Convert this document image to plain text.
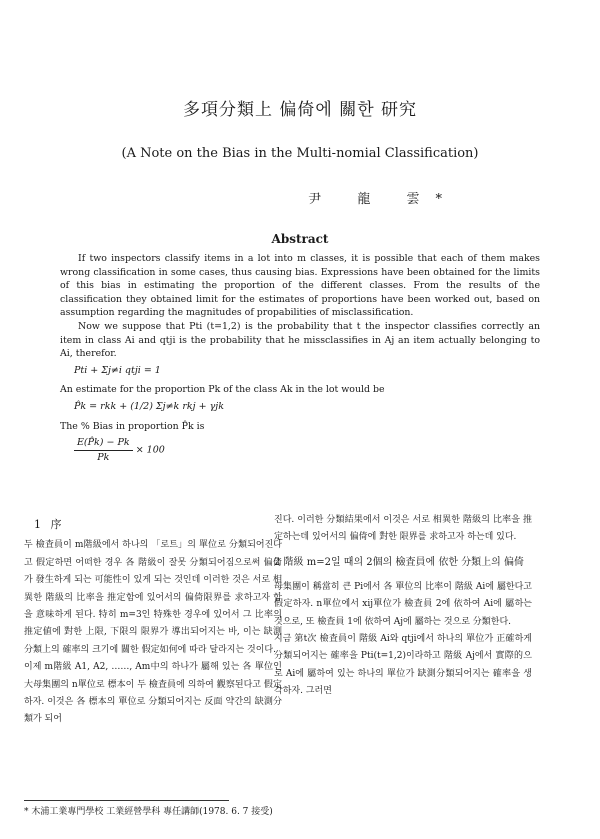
多項分類上 偏倚에 關한 研究
(A Note on the Bias in the Multi-nomial Classification)
尹 龍 雲*
Abstract

If two inspectors classify items in a lot into m classes, it is possible that each of them makes wrong classification in some cases, thus causing bias. Expressions have been obtained for the limits of this bias in estimating the proportion of the different classes. From the results of the classification they obtained limit for the estimates of proportions have been worked out, based on assumption regarding the magnitudes of propabilities of misclassification.

Now we suppose that Pti (t=1,2) is the probability that t the inspector classifies correctly an item in class Ai and qtji is the probability that he missclassifies in Aj an item actually belonging to Ai, therefor.

Pti + Σj≠i qtji = 1

An estimate for the proportion Pk of the class Ak in the lot would be

P̂k = rkk + (1/2) Σj≠k rkj + γjk

The % Bias in proportion P̂k is

$\frac{E(P̂k) - Pk}{Pk} \times 100$
1 序

두 檢査員이 m階級에서 하나의 「로트」의 單位로 分類되어진다고 假定하면 어떠한 경우 各 階級이 잘못 分類되어짐으로써 偏倚가 發生하게 되는 可能性이 있게 되는 것인데 이러한 것은 서로 相異한 階級의 比率을 推定함에 있어서의 偏倚限界를 求하고자 함을 意味하게 된다. 特히 m=3인 特殊한 경우에 있어서 그 比率의 推定値에 對한 上限, 下限의 限界가 導出되어지는 바, 이는 缺測分類上의 確率의 크기에 關한 假定如何에 따라 달라지는 것이다.

이제 m階級 A1, A2, ……, Am中의 하나가 屬해 있는 各 單位인 大母集團의 n單位로 標本이 두 檢査員에 의하여 觀察된다고 假定하자. 이것은 各 標本의 單位로 分類되어지는 反面 약간의 缺測分類가 되어

진다. 이러한 分類結果에서 이것은 서로 相異한 階級의 比率을 推定하는데 있어서의 偏倚에 對한 限界를 求하고자 하는데 있다.

2 階級 m=2일 때의 2個의 檢査員에 依한 分類上의 偏倚

母集團이 稱當히 큰 Pi에서 各 單位의 比率이 階級 Ai에 屬한다고 假定하자. n單位에서 xij單位가 檢査員 2에 依하여 Ai에 屬하는 것으로, 또 檢査員 1에 依하여 Aj에 屬하는 것으로 分類한다.

지금 第t次 檢査員이 階級 Ai와 qtji에서 하나의 單位가 正確하게 分類되어지는 確率을 Pti(t=1,2)이라하고 階級 Aj에서 實際的으로 Ai에 屬하여 있는 하나의 單位가 缺測分類되어지는 確率을 생각하자. 그러면

* 木浦工業專門學校 工業經營學科 專任講師(1978. 6. 7 接受)
